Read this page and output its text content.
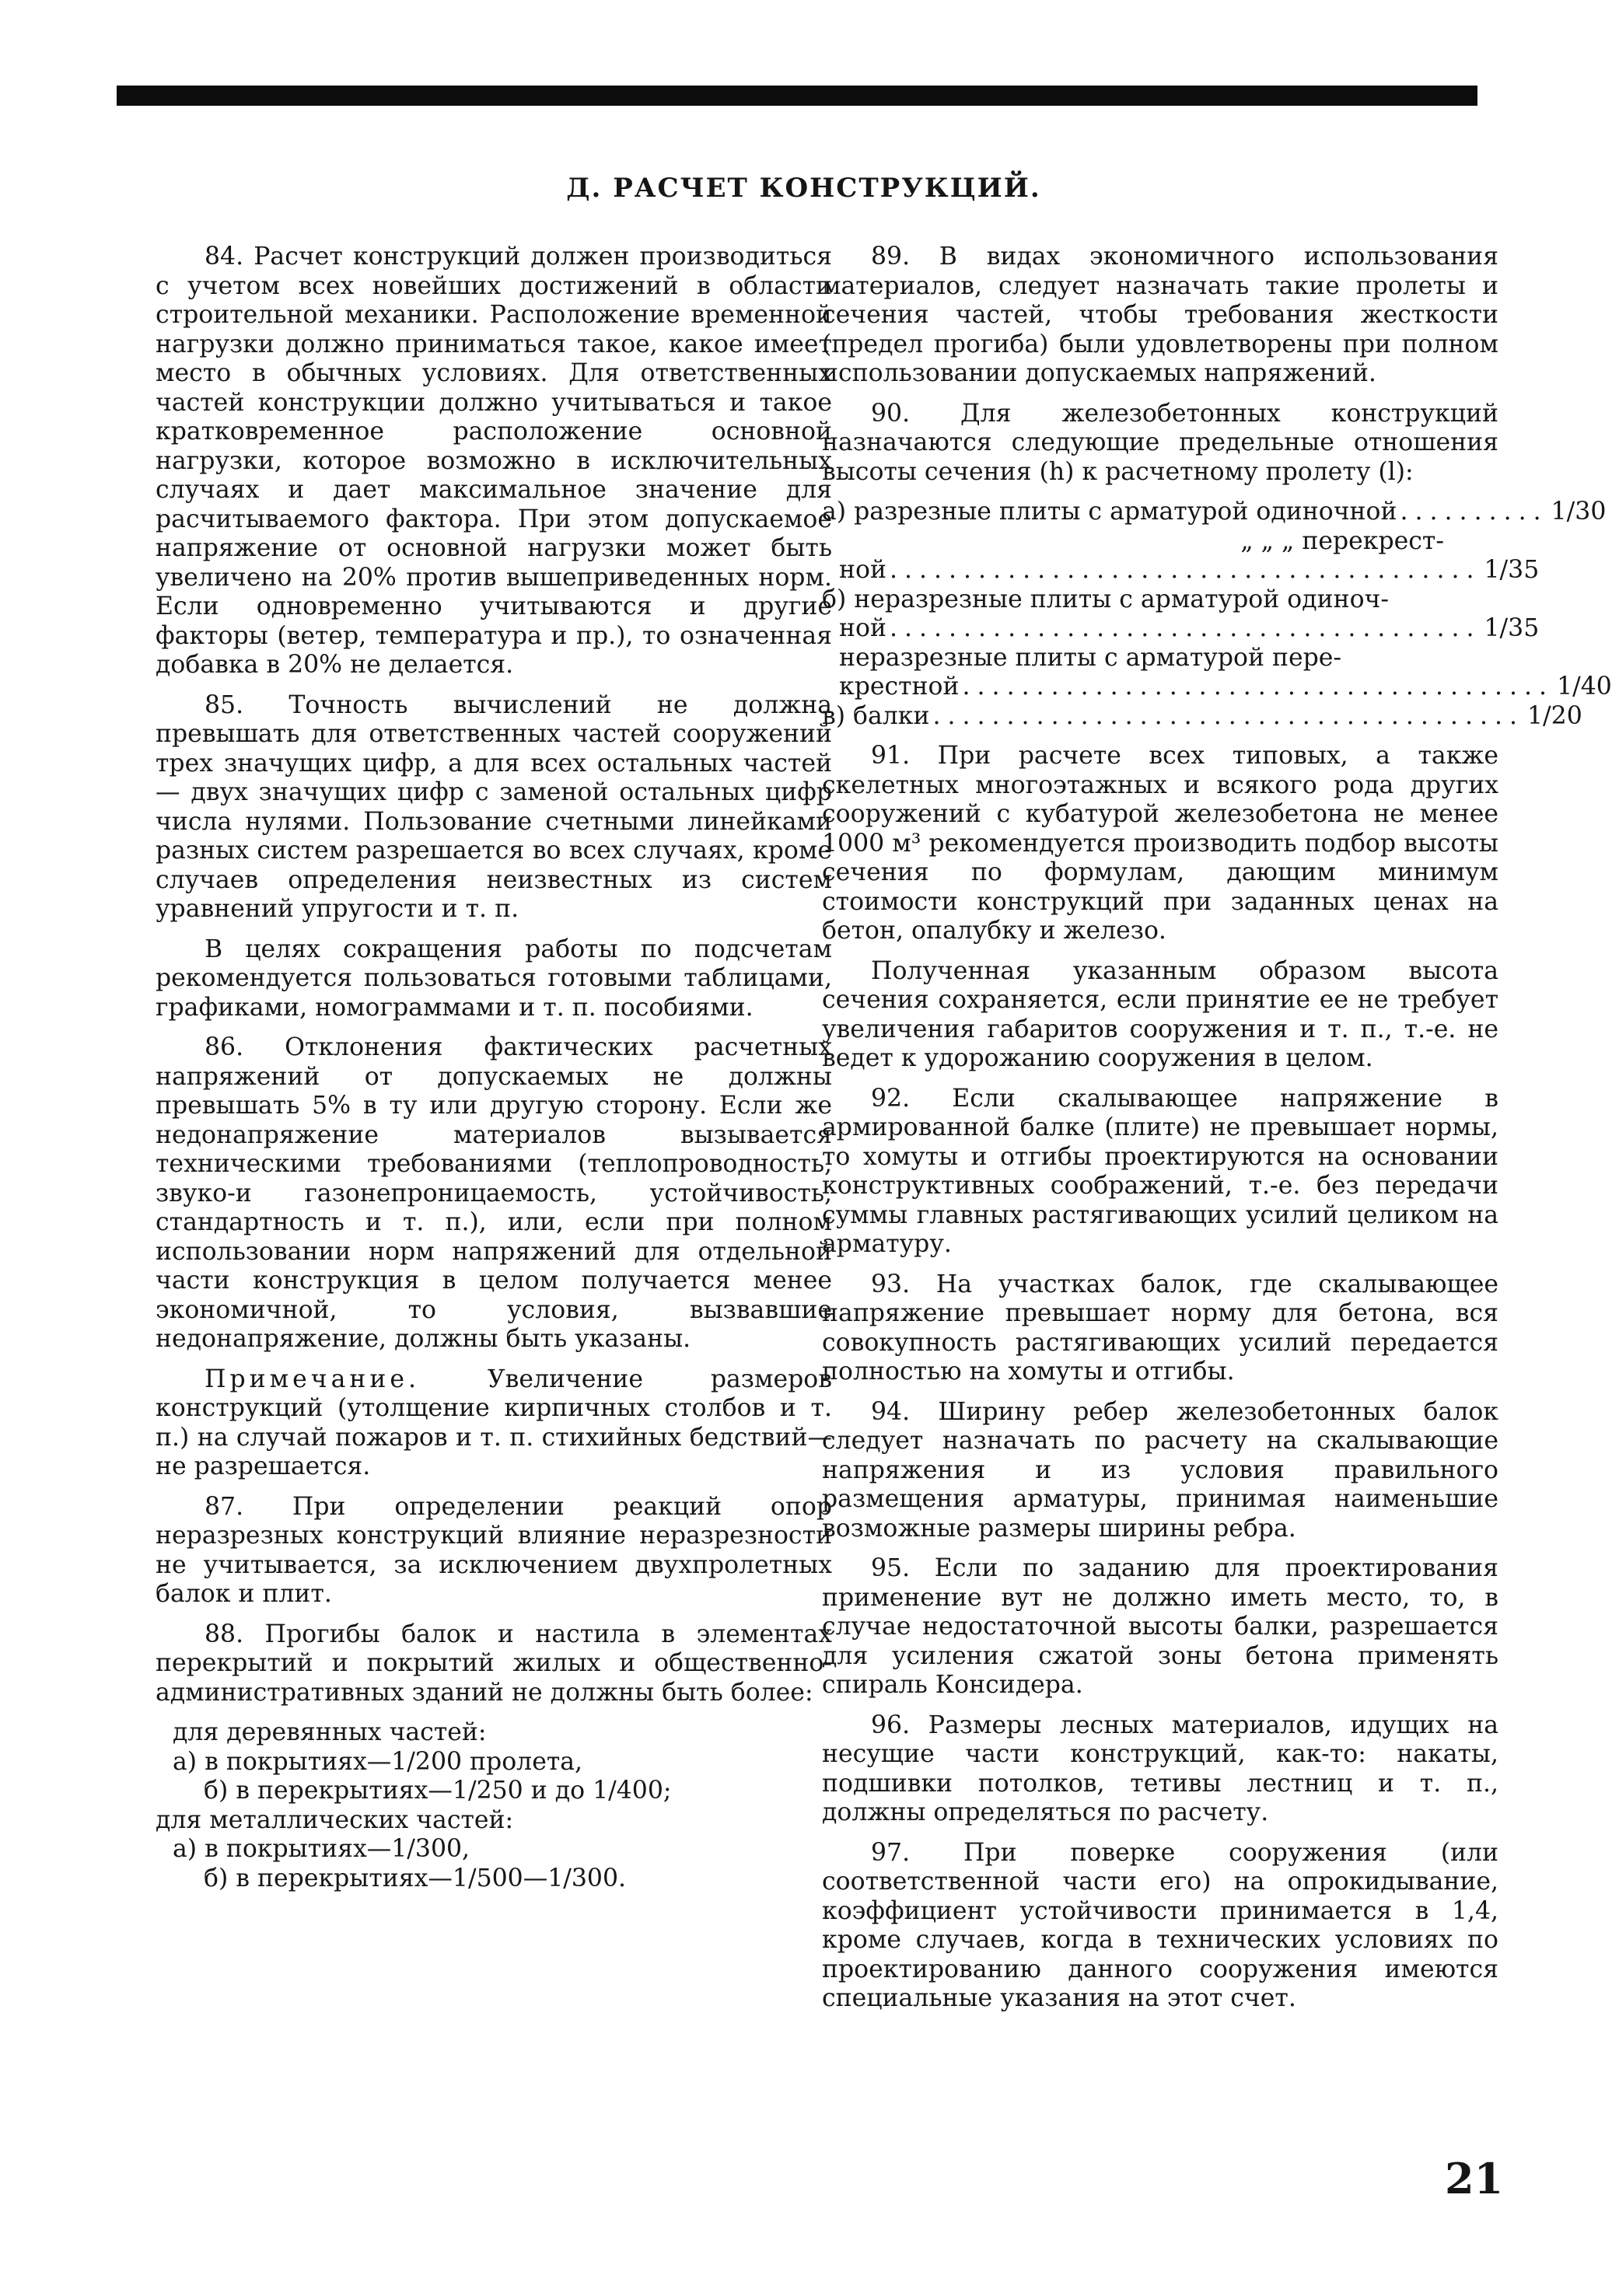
Д. РАСЧЕТ КОНСТРУКЦИЙ.

84. Расчет конструкций должен производиться с учетом всех новейших достижений в области строительной механики. Расположение временной нагрузки должно приниматься такое, какое имеет место в обычных условиях. Для ответственных частей конструкции должно учитываться и такое кратковременное расположение основной нагрузки, которое возможно в исключительных случаях и дает максимальное значение для расчитываемого фактора. При этом допускаемое напряжение от основной нагрузки может быть увеличено на 20% против вышеприведенных норм. Если одновременно учитываются и другие факторы (ветер, температура и пр.), то означенная добавка в 20% не делается.

85. Точность вычислений не должна превышать для ответственных частей сооружений трех значущих цифр, а для всех остальных частей— двух значущих цифр с заменой остальных цифр числа нулями. Пользование счетными линейками разных систем разрешается во всех случаях, кроме случаев определения неизвестных из систем уравнений упругости и т. п.

В целях сокращения работы по подсчетам рекомендуется пользоваться готовыми таблицами, графиками, номограммами и т. п. пособиями.

86. Отклонения фактических расчетных напряжений от допускаемых не должны превышать 5% в ту или другую сторону. Если же недонапряжение материалов вызывается техническими требованиями (теплопроводность, звуко-и газонепроницаемость, устойчивость, стандартность и т. п.), или, если при полном использовании норм напряжений для отдельной части конструкция в целом получается менее экономичной, то условия, вызвавшие недонапряжение, должны быть указаны.

Примечание.	Увеличение размеров конструкций (утолщение кирпичных столбов и т. п.) на случай пожаров и т. п. стихийных бедствий— не разрешается.

87. При определении реакций опор неразрезных конструкций влияние неразрезности не учитывается, за исключением двухпролетных балок и плит.

88. Прогибы балок и настила в элементах перекрытий и покрытий жилых и общественно-административных зданий не должны быть более:

для деревянных частей:

а) в покрытиях—1/200 пролета,

б) в перекрытиях—1/250 и до 1/400;

для металлических частей:

а) в покрытиях—1/300,

б) в перекрытиях—1/500—1/300.

89. В видах экономичного использования материалов, следует назначать такие пролеты и сечения частей, чтобы требования жесткости (предел прогиба) были удовлетворены при полном использовании допускаемых напряжений.

90. Для железобетонных конструкций назначаются следующие предельные отношения высоты сечения (h) к расчетному пролету (l):

а) разрезные плиты с арматурой одиночной .......... 1/30

„ „ „ перекрест-

ной ........................................ 1/35

б) неразрезные плиты с арматурой одиноч-

ной ........................................ 1/35

неразрезные плиты с арматурой пере-

крестной ........................................ 1/40
в) балки ........................................ 1/20

91. При расчете всех типовых, а также скелетных многоэтажных и всякого рода других сооружений с кубатурой железобетона не менее 1000 м³ рекомендуется производить подбор высоты сечения по формулам, дающим минимум стоимости конструкций при заданных ценах на бетон, опалубку и железо.

Полученная указанным образом высота сечения сохраняется, если принятие ее не требует увеличения габаритов сооружения и т. п., т.-е. не ведет к удорожанию сооружения в целом.

92. Если скалывающее напряжение в армированной балке (плите) не превышает нормы, то хомуты и отгибы проектируются на основании конструктивных соображений, т.-е. без передачи суммы главных растягивающих усилий целиком на арматуру.

93. На участках балок, где скалывающее напряжение превышает норму для бетона, вся совокупность растягивающих усилий передается полностью на хомуты и отгибы.

94. Ширину ребер железобетонных балок следует назначать по расчету на скалывающие напряжения и из условия правильного размещения арматуры, принимая наименьшие возможные размеры ширины ребра.

95. Если по заданию для проектирования применение вут не должно иметь место, то, в случае недостаточной высоты балки, разрешается для усиления сжатой зоны бетона применять спираль Консидера.

96. Размеры лесных материалов, идущих на несущие части конструкций, как-то: накаты, подшивки потолков, тетивы лестниц и т. п., должны определяться по расчету.

97. При поверке сооружения (или соответственной части его) на опрокидывание, коэффициент устойчивости принимается в 1,4, кроме случаев, когда в технических условиях по проектированию данного сооружения имеются специальные указания на этот счет.

21
